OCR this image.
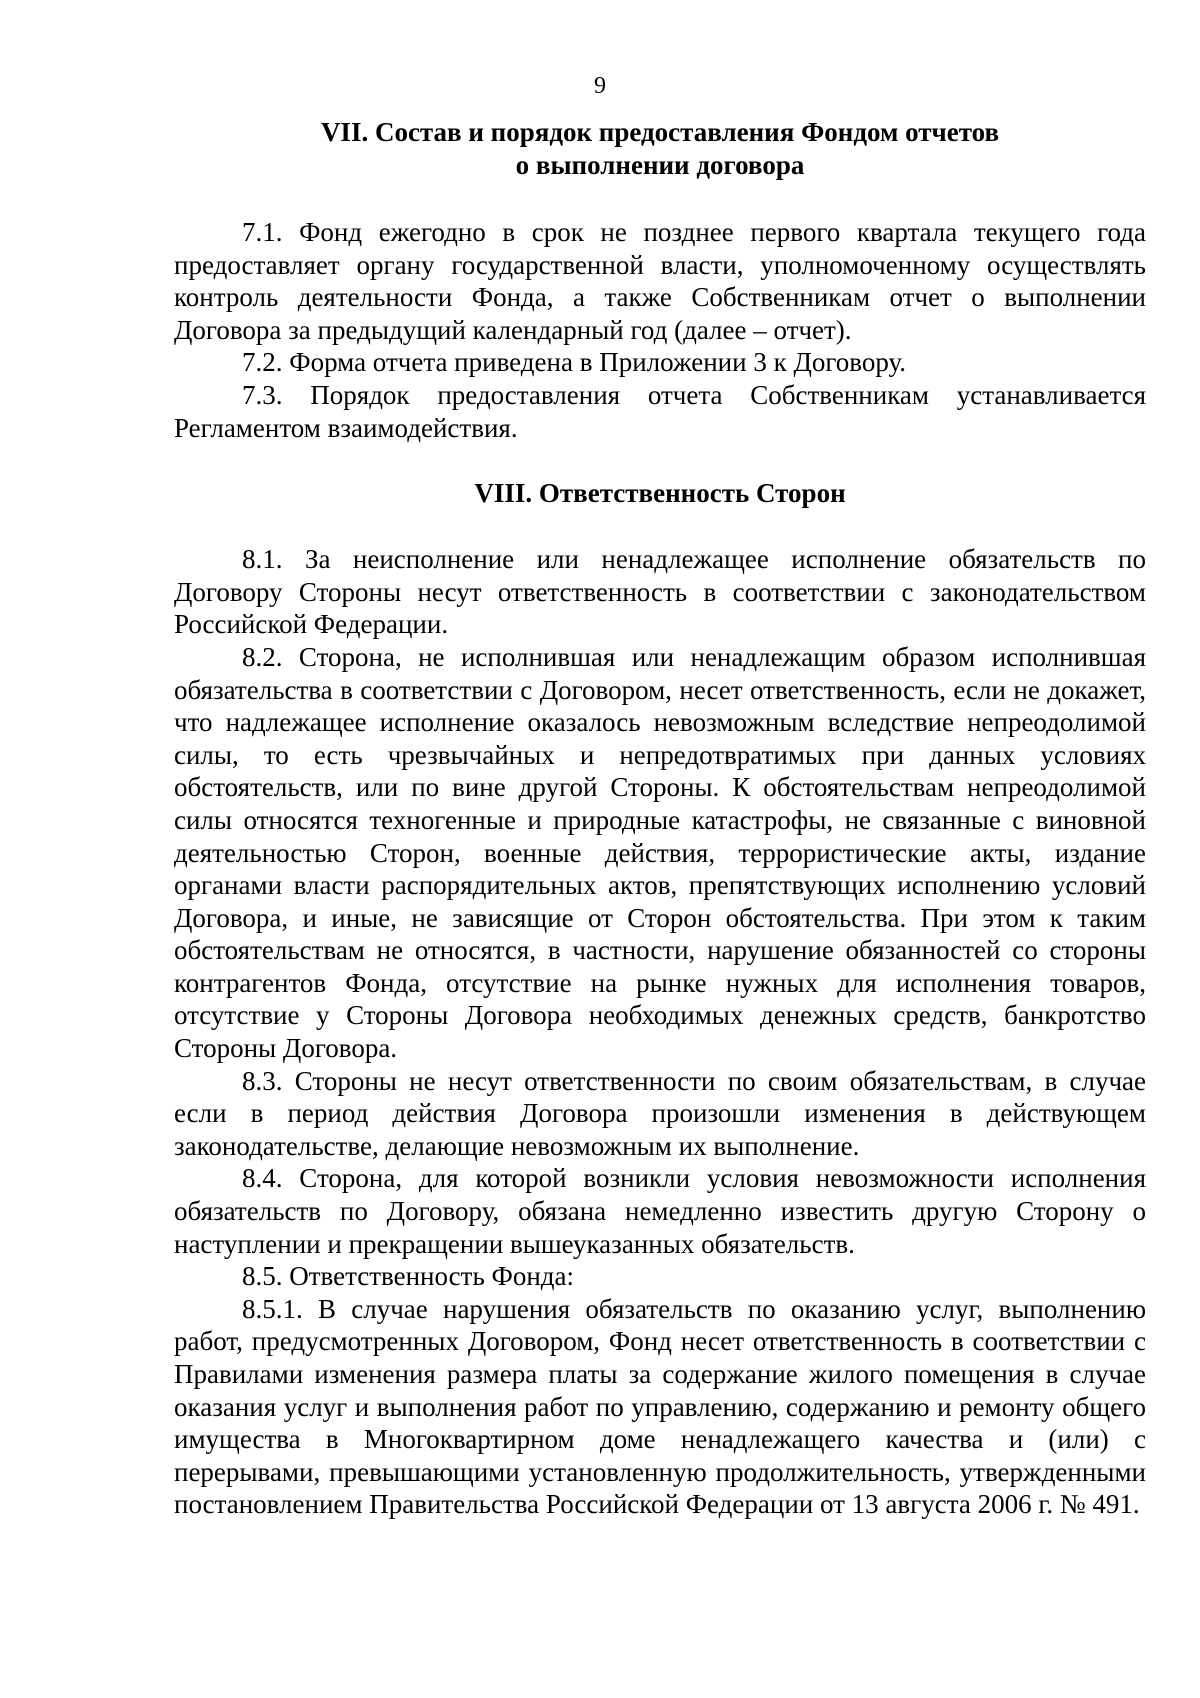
9
VII. Состав и порядок предоставления Фондом отчетов
о выполнении договора

7.1. Фонд ежегодно в срок не позднее первого квартала текущего года предоставляет органу государственной власти, уполномоченному осуществлять контроль деятельности Фонда, а также Собственникам отчет о выполнении Договора за предыдущий календарный год (далее – отчет).

7.2. Форма отчета приведена в Приложении 3 к Договору.

7.3. Порядок предоставления отчета Собственникам устанавливается Регламентом взаимодействия.

VIII. Ответственность Сторон

8.1. За неисполнение или ненадлежащее исполнение обязательств по Договору Стороны несут ответственность в соответствии с законодательством Российской Федерации.

8.2. Сторона, не исполнившая или ненадлежащим образом исполнившая обязательства в соответствии с Договором, несет ответственность, если не докажет, что надлежащее исполнение оказалось невозможным вследствие непреодолимой силы, то есть чрезвычайных и непредотвратимых при данных условиях обстоятельств, или по вине другой Стороны. К обстоятельствам непреодолимой силы относятся техногенные и природные катастрофы, не связанные с виновной деятельностью Сторон, военные действия, террористические акты, издание органами власти распорядительных актов, препятствующих исполнению условий Договора, и иные, не зависящие от Сторон обстоятельства. При этом к таким обстоятельствам не относятся, в частности, нарушение обязанностей со стороны контрагентов Фонда, отсутствие на рынке нужных для исполнения товаров, отсутствие у Стороны Договора необходимых денежных средств, банкротство Стороны Договора.

8.3. Стороны не несут ответственности по своим обязательствам, в случае если в период действия Договора произошли изменения в действующем законодательстве, делающие невозможным их выполнение.

8.4. Сторона, для которой возникли условия невозможности исполнения обязательств по Договору, обязана немедленно известить другую Сторону о наступлении и прекращении вышеуказанных обязательств.

8.5. Ответственность Фонда:

8.5.1. В случае нарушения обязательств по оказанию услуг, выполнению работ, предусмотренных Договором, Фонд несет ответственность в соответствии с Правилами изменения размера платы за содержание жилого помещения в случае оказания услуг и выполнения работ по управлению, содержанию и ремонту общего имущества в Многоквартирном доме ненадлежащего качества и (или) с перерывами, превышающими установленную продолжительность, утвержденными постановлением Правительства Российской Федерации от 13 августа 2006 г. № 491.
